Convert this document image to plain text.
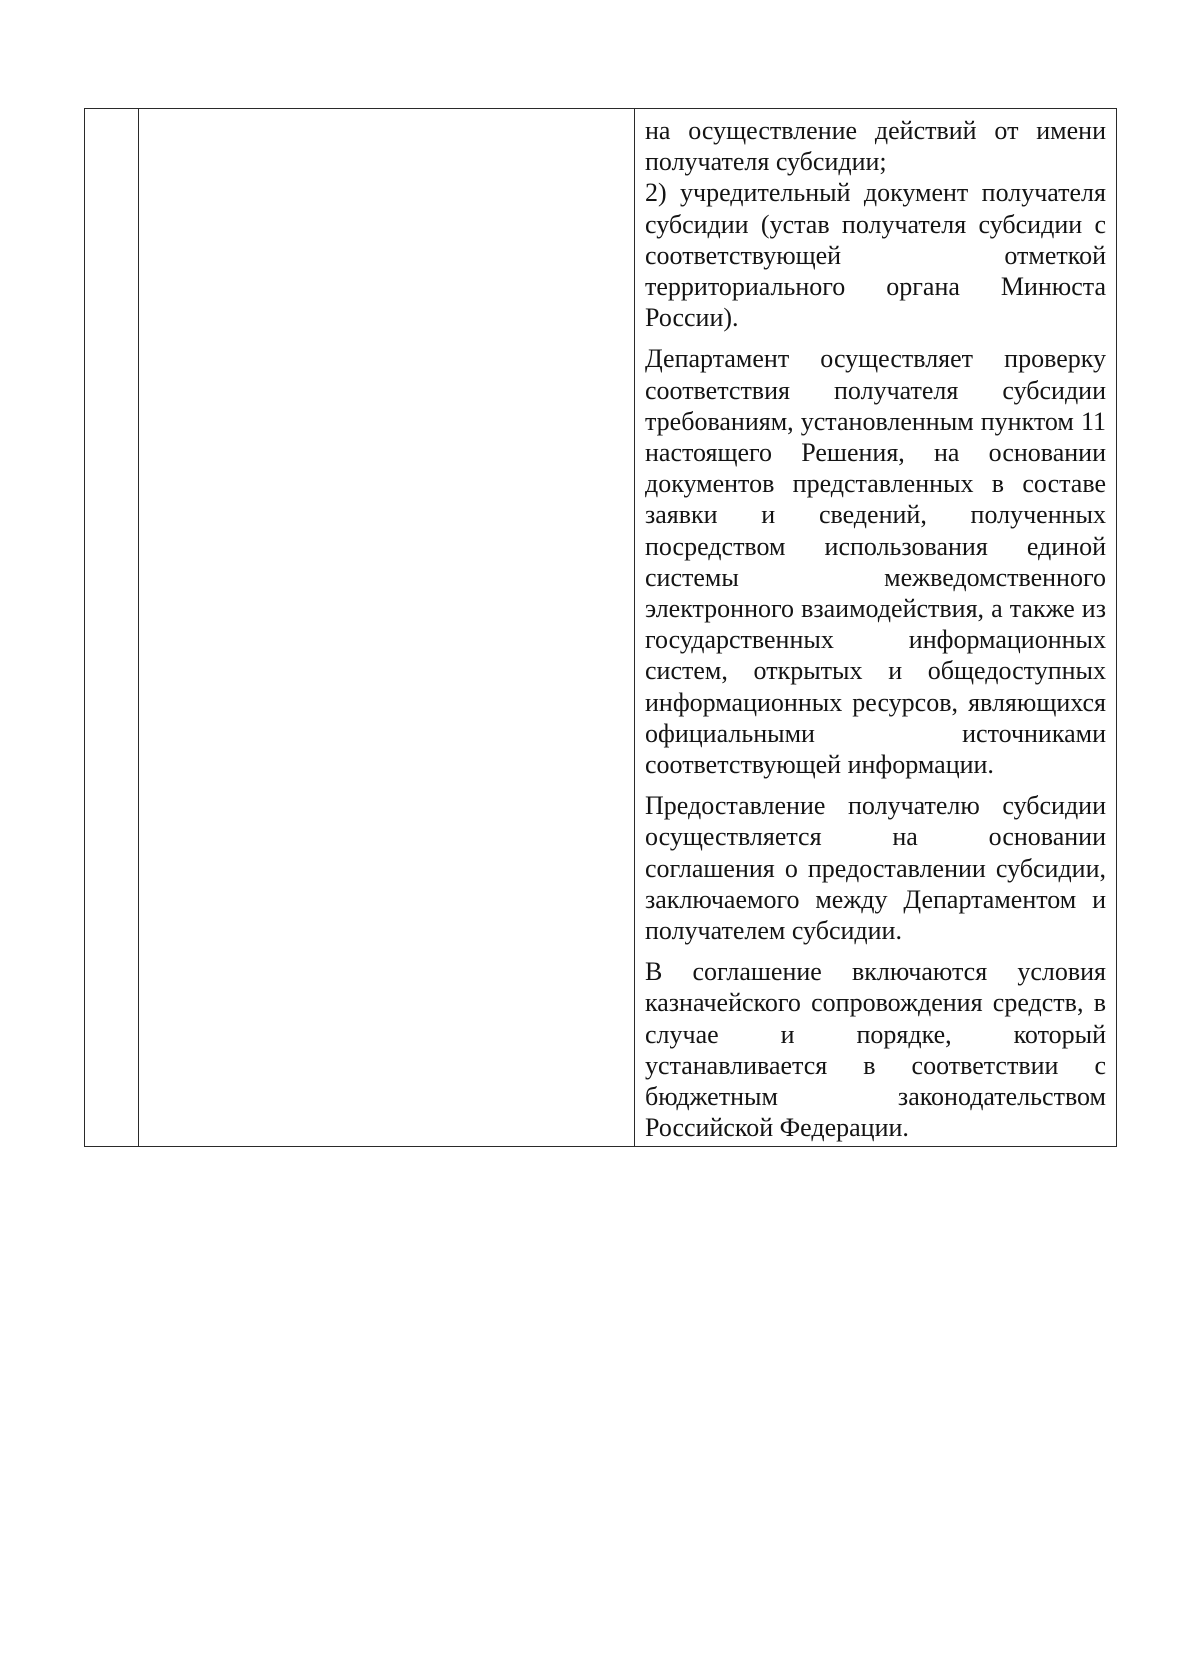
на осуществление действий от имени получателя субсидии;
2) учредительный документ получателя субсидии (устав получателя субсидии с соответствующей отметкой территориального органа Минюста России).

Департамент осуществляет проверку соответствия получателя субсидии требованиям, установленным пунктом 11 настоящего Решения, на основании документов представленных в составе заявки и сведений, полученных посредством использования единой системы межведомственного электронного взаимодействия, а также из государственных информационных систем, открытых и общедоступных информационных ресурсов, являющихся официальными источниками соответствующей информации.

Предоставление получателю субсидии осуществляется на основании соглашения о предоставлении субсидии, заключаемого между Департаментом и получателем субсидии.

В соглашение включаются условия казначейского сопровождения средств, в случае и порядке, который устанавливается в соответствии с бюджетным законодательством Российской Федерации.
